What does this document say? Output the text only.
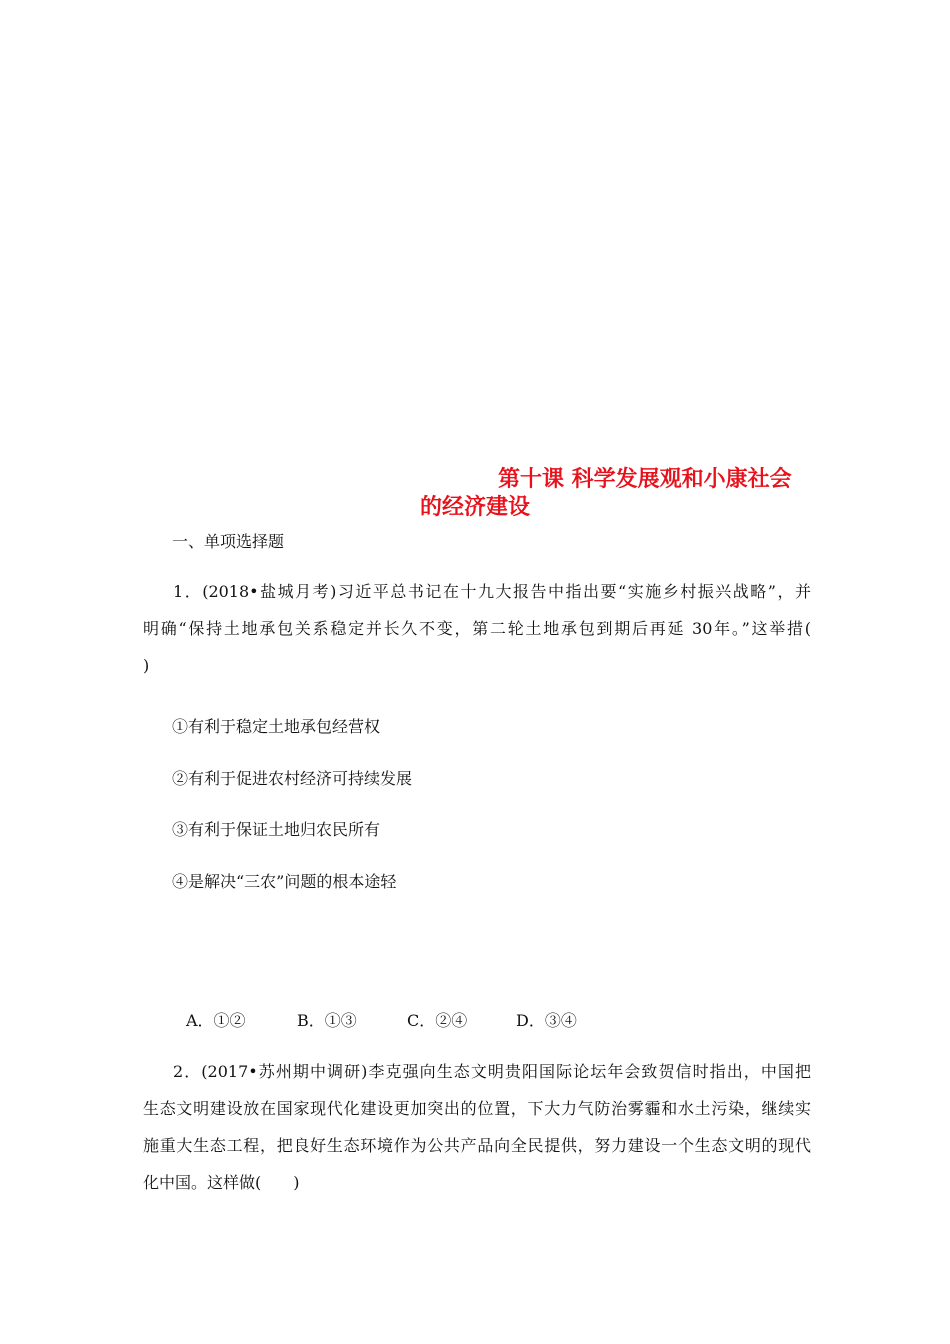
第十课 科学发展观和小康社会
的经济建设
一、单项选择题
1．(2018•盐城月考)习近平总书记在十九大报告中指出要“实施乡村振兴战略”，并
明确“保持土地承包关系稳定并长久不变，第二轮土地承包到期后再延 30年。”这举措(
)
①有利于稳定土地承包经营权
②有利于促进农村经济可持续发展
③有利于保证土地归农民所有
④是解决“三农”问题的根本途轻
A．①②	B．①③	C．②④	D．③④
2．(2017•苏州期中调研)李克强向生态文明贵阳国际论坛年会致贺信时指出，中国把
生态文明建设放在国家现代化建设更加突出的位置，下大力气防治雾霾和水土污染，继续实
施重大生态工程，把良好生态环境作为公共产品向全民提供，努力建设一个生态文明的现代
化中国。这样做(　　)
